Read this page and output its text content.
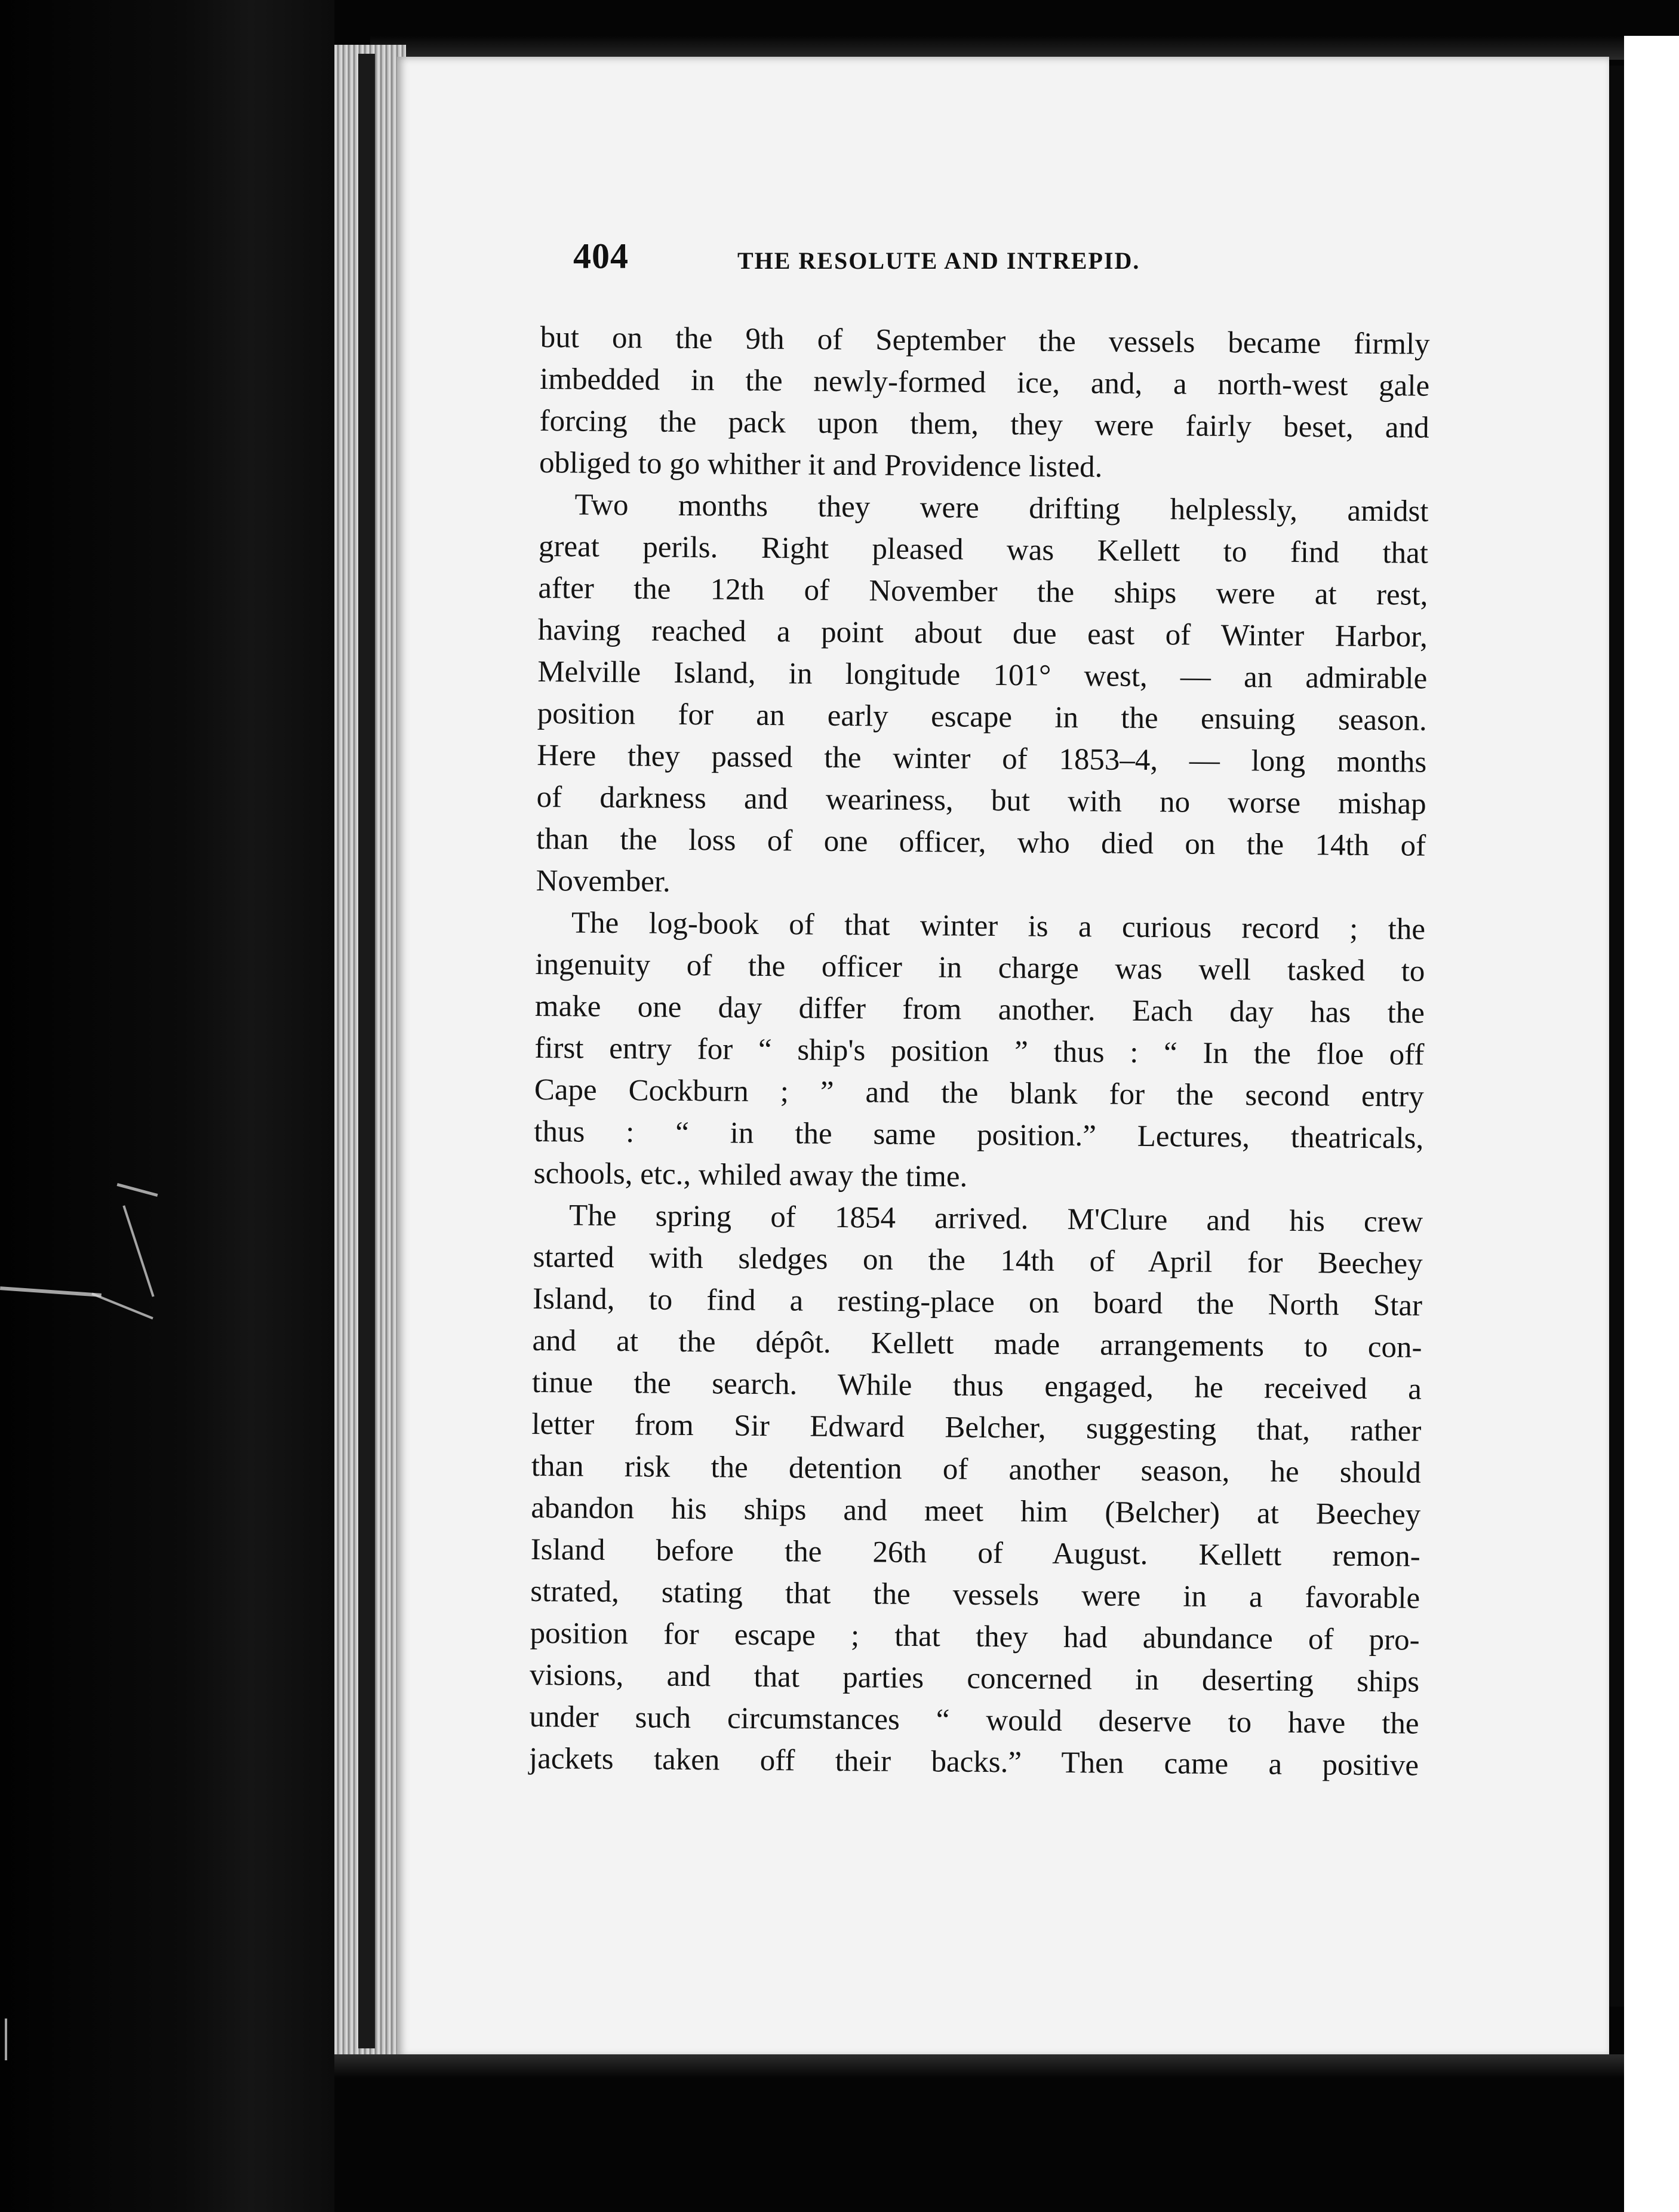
404	THE RESOLUTE AND INTREPID.
but on the 9th of September the vessels became firmly
imbedded in the newly-formed ice, and, a north-west gale
forcing the pack upon them, they were fairly beset, and
obliged to go whither it and Providence listed.
Two months they were drifting helplessly, amidst
great perils. Right pleased was Kellett to find that
after the 12th of November the ships were at rest,
having reached a point about due east of Winter Harbor,
Melville Island, in longitude 101° west, — an admirable
position for an early escape in the ensuing season.
Here they passed the winter of 1853–4, — long months
of darkness and weariness, but with no worse mishap
than the loss of one officer, who died on the 14th of
November.
The log-book of that winter is a curious record ; the
ingenuity of the officer in charge was well tasked to
make one day differ from another. Each day has the
first entry for “ ship's position ” thus : “ In the floe off
Cape Cockburn ; ” and the blank for the second entry
thus : “ in the same position.” Lectures, theatricals,
schools, etc., whiled away the time.
The spring of 1854 arrived. M'Clure and his crew
started with sledges on the 14th of April for Beechey
Island, to find a resting-place on board the North Star
and at the dépôt. Kellett made arrangements to con-
tinue the search. While thus engaged, he received a
letter from Sir Edward Belcher, suggesting that, rather
than risk the detention of another season, he should
abandon his ships and meet him (Belcher) at Beechey
Island before the 26th of August. Kellett remon-
strated, stating that the vessels were in a favorable
position for escape ; that they had abundance of pro-
visions, and that parties concerned in deserting ships
under such circumstances “ would deserve to have the
jackets taken off their backs.” Then came a positive
